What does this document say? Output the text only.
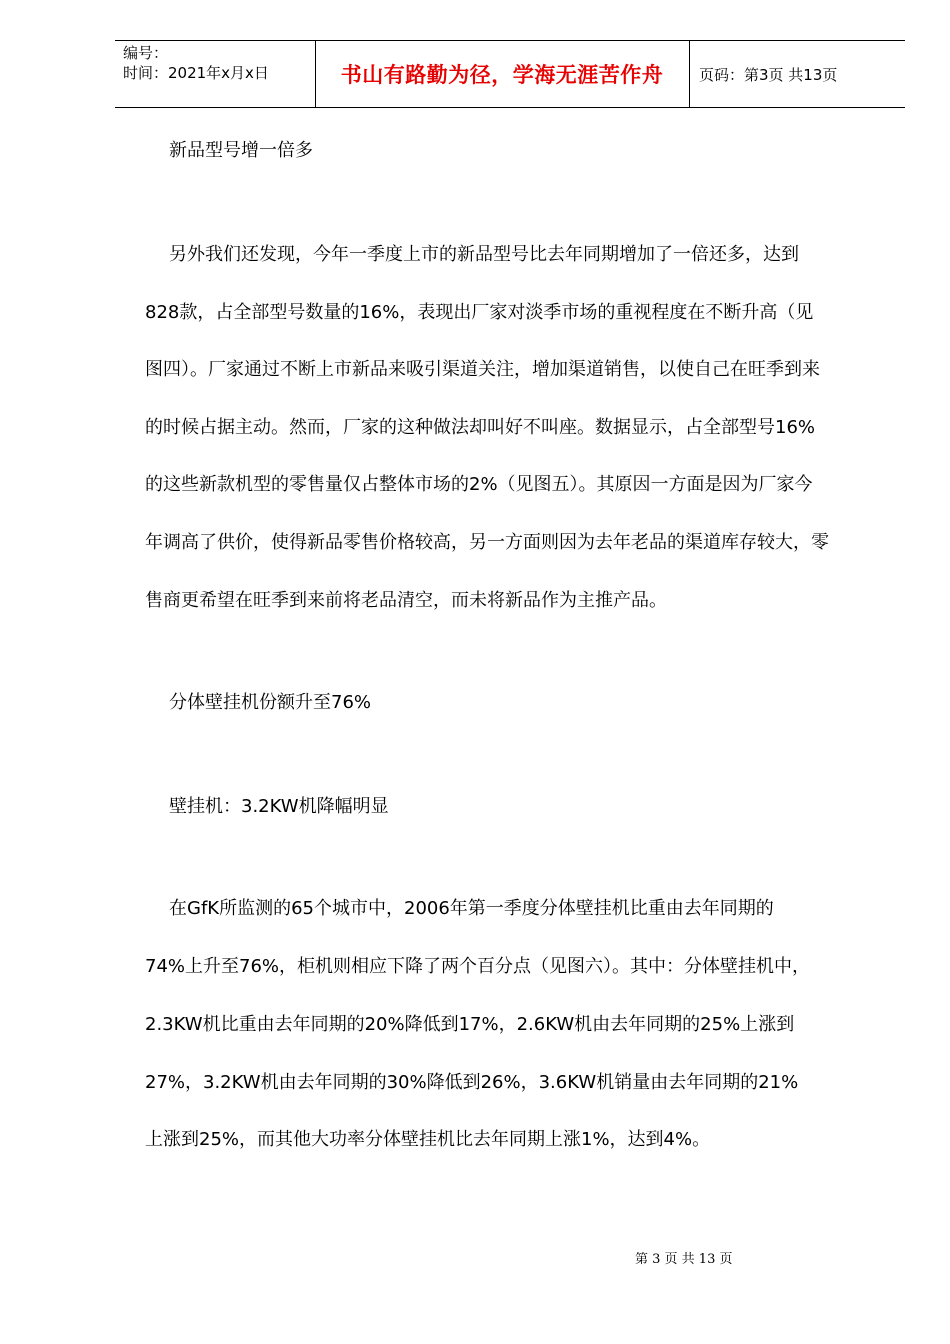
编号：
时间：2021年x月x日	书山有路勤为径，学海无涯苦作舟	页码：第3页 共13页
新品型号增一倍多
另外我们还发现，今年一季度上市的新品型号比去年同期增加了一倍还多，达到
828款，占全部型号数量的16%，表现出厂家对淡季市场的重视程度在不断升高（见
图四）。厂家通过不断上市新品来吸引渠道关注，增加渠道销售，以使自己在旺季到来
的时候占据主动。然而，厂家的这种做法却叫好不叫座。数据显示，占全部型号16%
的这些新款机型的零售量仅占整体市场的2%（见图五）。其原因一方面是因为厂家今
年调高了供价，使得新品零售价格较高，另一方面则因为去年老品的渠道库存较大，零
售商更希望在旺季到来前将老品清空，而未将新品作为主推产品。
分体壁挂机份额升至76%
壁挂机：3.2KW机降幅明显
在GfK所监测的65个城市中，2006年第一季度分体壁挂机比重由去年同期的
74%上升至76%，柜机则相应下降了两个百分点（见图六）。其中：分体壁挂机中，
2.3KW机比重由去年同期的20%降低到17%，2.6KW机由去年同期的25%上涨到
27%，3.2KW机由去年同期的30%降低到26%，3.6KW机销量由去年同期的21%
上涨到25%，而其他大功率分体壁挂机比去年同期上涨1%，达到4%。
第 3 页 共 13 页
